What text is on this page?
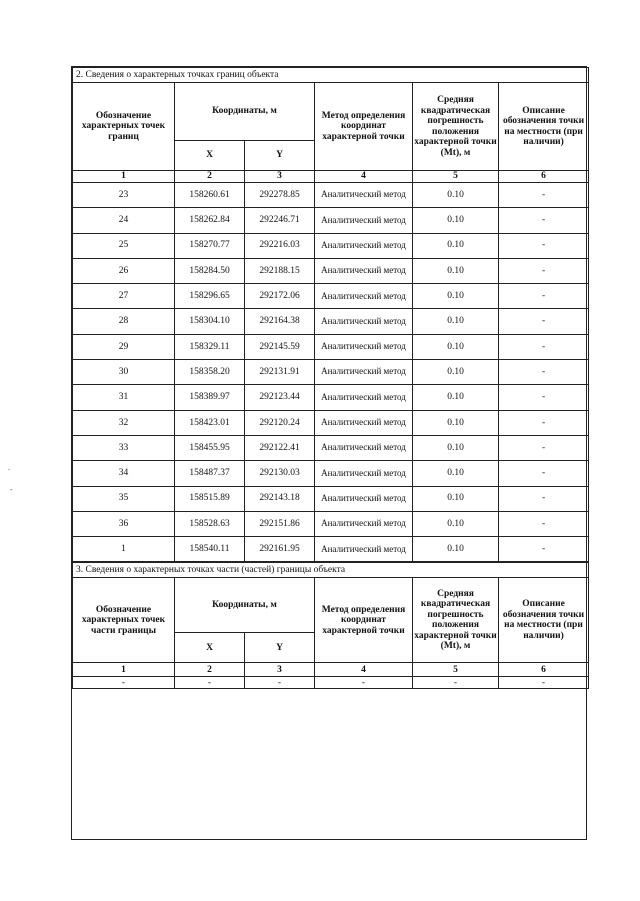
2. Сведения о характерных точках границ объекта					
Обозначение характерных точек границ	Координаты, м		Метод определения координат характерной точки	Средняя квадратическая погрешность положения характерной точки (Mt), м	Описание обозначения точки на местности (при наличии)
	X	Y			
1	2	3	4	5	6
23	158260.61	292278.85	Аналитический метод	0.10	-
24	158262.84	292246.71	Аналитический метод	0.10	-
25	158270.77	292216.03	Аналитический метод	0.10	-
26	158284.50	292188.15	Аналитический метод	0.10	-
27	158296.65	292172.06	Аналитический метод	0.10	-
28	158304.10	292164.38	Аналитический метод	0.10	-
29	158329.11	292145.59	Аналитический метод	0.10	-
30	158358.20	292131.91	Аналитический метод	0.10	-
31	158389.97	292123.44	Аналитический метод	0.10	-
32	158423.01	292120.24	Аналитический метод	0.10	-
33	158455.95	292122.41	Аналитический метод	0.10	-
34	158487.37	292130.03	Аналитический метод	0.10	-
35	158515.89	292143.18	Аналитический метод	0.10	-
36	158528.63	292151.86	Аналитический метод	0.10	-
1	158540.11	292161.95	Аналитический метод	0.10	-
3. Сведения о характерных точках части (частей) границы объекта					
Обозначение характерных точек части границы	Координаты, м		Метод определения координат характерной точки	Средняя квадратическая погрешность положения характерной точки (Mt), м	Описание обозначения точки на местности (при наличии)
	X	Y			
1	2	3	4	5	6
-	-	-	-	-	-
.
-
